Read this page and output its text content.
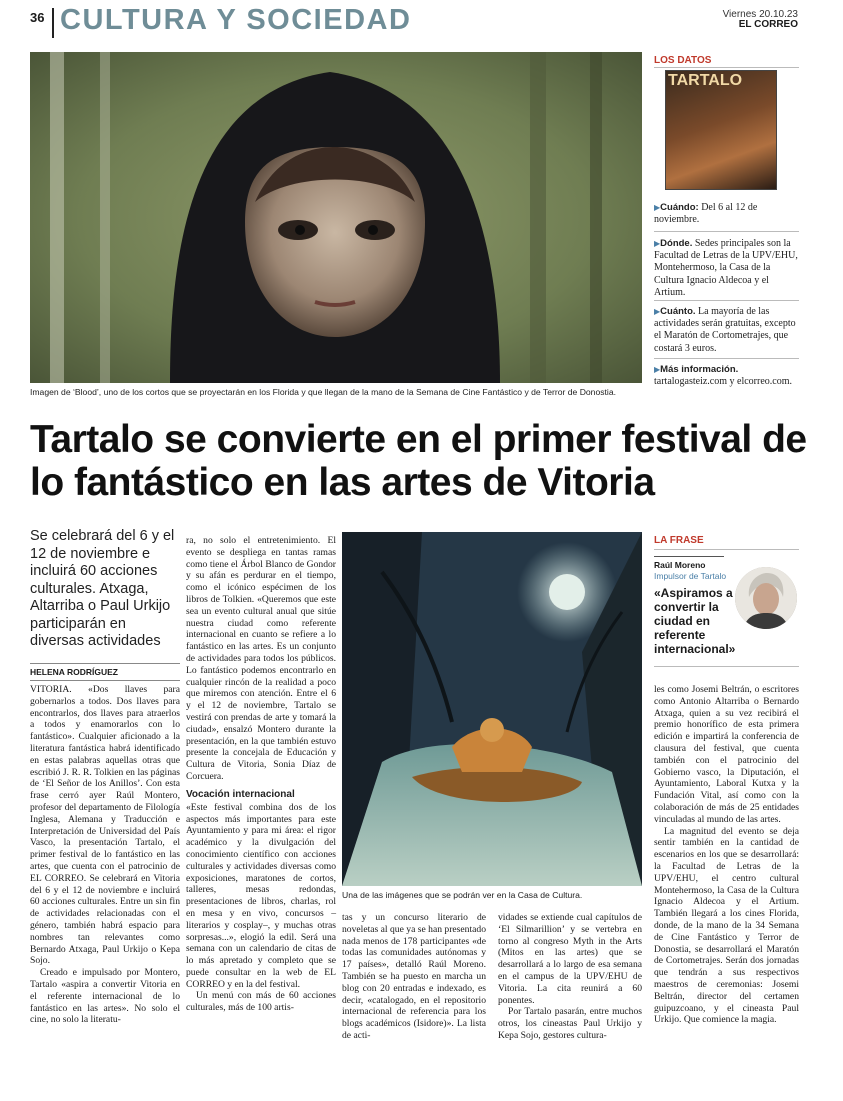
36 CULTURA Y SOCIEDAD	Viernes 20.10.23
EL CORREO
Imagen de ‘Blood’, uno de los cortos que se proyectarán en los Florida y que llegan de la mano de la Semana de Cine Fantástico y de Terror de Donostia.
LOS DATOS
TARTALO
▶Cuándo: Del 6 al 12 de noviembre.
▶Dónde. Sedes principales son la Facultad de Letras de la UPV/EHU, Montehermoso, la Casa de la Cultura Ignacio Aldecoa y el Artium.
▶Cuánto. La mayoría de las actividades serán gratuitas, excepto el Maratón de Cortometrajes, que costará 3 euros.
▶Más información. tartalogasteiz.com y elcorreo.com.
Tartalo se convierte en el primer festival de lo fantástico en las artes de Vitoria
Se celebrará del 6 y el 12 de noviembre e incluirá 60 acciones culturales. Atxaga, Altarriba o Paul Urkijo participarán en diversas actividades
HELENA RODRÍGUEZ

VITORIA. «Dos llaves para gobernarlos a todos. Dos llaves para encontrarlos, dos llaves para atraerlos a todos y enamorarlos con lo fantástico». Cualquier aficionado a la literatura fantástica habrá identificado en estas palabras aquellas otras que escribió J. R. R. Tolkien en las páginas de ‘El Señor de los Anillos’. Con esta frase cerró ayer Raúl Montero, profesor del departamento de Filología Inglesa, Alemana y Traducción e Interpretación de Universidad del País Vasco, la presentación Tartalo, el primer festival de lo fantástico en las artes, que cuenta con el patrocinio de EL CORREO. Se celebrará en Vitoria del 6 y el 12 de noviembre e incluirá 60 acciones culturales. Entre un sin fin de actividades relacionadas con el género, también habrá espacio para nombres tan relevantes como Bernardo Atxaga, Paul Urkijo o Kepa Sojo.

Creado e impulsado por Montero, Tartalo «aspira a convertir Vitoria en el referente internacional de lo fantástico en las artes». No solo el cine, no solo la literatu-

ra, no solo el entretenimiento. El evento se despliega en tantas ramas como tiene el Árbol Blanco de Gondor y su afán es perdurar en el tiempo, como el icónico espécimen de los libros de Tolkien. «Queremos que este sea un evento cultural anual que sitúe nuestra ciudad como referente internacional en cuanto se refiere a lo fantástico en las artes. Es un conjunto de actividades para todos los públicos. Lo fantástico podemos encontrarlo en cualquier rincón de la realidad a poco que miremos con atención. Entre el 6 y el 12 de noviembre, Tartalo se vestirá con prendas de arte y tomará la ciudad», ensalzó Montero durante la presentación, en la que también estuvo presente la concejala de Educación y Cultura de Vitoria, Sonia Díaz de Corcuera.

Vocación internacional

«Este festival combina dos de los aspectos más importantes para este Ayuntamiento y para mi área: el rigor académico y la divulgación del conocimiento científico con acciones culturales y actividades diversas como exposiciones, maratones de cortos, talleres, mesas redondas, presentaciones de libros, charlas, rol en mesa y en vivo, concursos –literarios y cosplay–, y muchas otras sorpresas...», elogió la edil. Será una semana con un calendario de citas de lo más apretado y completo que se puede consultar en la web de EL CORREO y en la del festival.

Un menú con más de 60 acciones culturales, más de 100 artis-

Una de las imágenes que se podrán ver en la Casa de Cultura.

tas y un concurso literario de noveletas al que ya se han presentado nada menos de 178 participantes «de todas las comunidades autónomas y 17 países», detalló Raúl Moreno. También se ha puesto en marcha un blog con 20 entradas e indexado, es decir, «catalogado, en el repositorio internacional de referencia para los blogs académicos (Isidore)». La lista de acti-

vidades se extiende cual capítulos de ‘El Silmarillion’ y se vertebra en torno al congreso Myth in the Arts (Mitos en las artes) que se desarrollará a lo largo de esa semana en el campus de la UPV/EHU de Vitoria. La cita reunirá a 60 ponentes.

Por Tartalo pasarán, entre muchos otros, los cineastas Paul Urkijo y Kepa Sojo, gestores cultura-

LA FRASE
Raúl Moreno
Impulsor de Tartalo
«Aspiramos a convertir la ciudad en referente internacional»

les como Josemi Beltrán, o escritores como Antonio Altarriba o Bernardo Atxaga, quien a su vez recibirá el premio honorífico de esta primera edición e impartirá la conferencia de clausura del festival, que cuenta también con el patrocinio del Gobierno vasco, la Diputación, el Ayuntamiento, Laboral Kutxa y la Fundación Vital, así como con la colaboración de más de 25 entidades vinculadas al mundo de las artes.

La magnitud del evento se deja sentir también en la cantidad de escenarios en los que se desarrollará: la Facultad de Letras de la UPV/EHU, el centro cultural Montehermoso, la Casa de la Cultura Ignacio Aldecoa y el Artium. También llegará a los cines Florida, donde, de la mano de la 34 Semana de Cine Fantástico y Terror de Donostia, se desarrollará el Maratón de Cortometrajes. Serán dos jornadas que tendrán a sus respectivos maestros de ceremonias: Josemi Beltrán, director del certamen guipuzcoano, y el cineasta Paul Urkijo. Que comience la magia.
